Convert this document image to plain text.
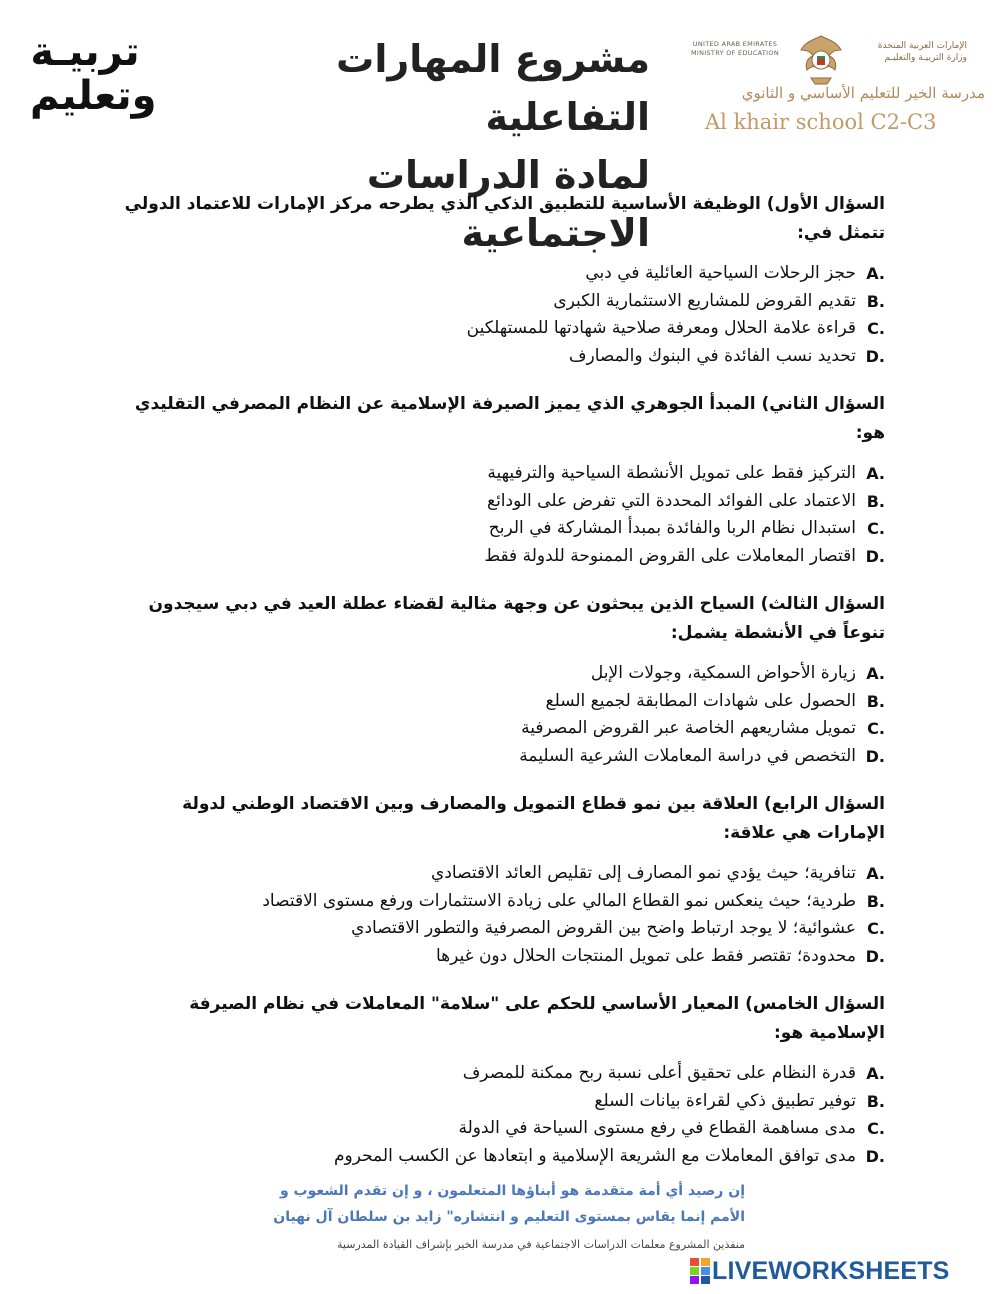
تربيـة
وتعليم
مشروع المهارات التفاعلية
لمادة الدراسات الاجتماعية
UNITED ARAB EMIRATES
MINISTRY OF EDUCATION
الإمارات العربية المتحدة
وزارة التربيـة والتعليـم
مدرسة الخير للتعليم الأساسي و الثانوي
Al khair school C2-C3

السؤال الأول) الوظيفة الأساسية للتطبيق الذكي الذي يطرحه مركز الإمارات للاعتماد الدولي تتمثل في:

A.
حجز الرحلات السياحية العائلية في دبي
B.
تقديم القروض للمشاريع الاستثمارية الكبرى
C.
قراءة علامة الحلال ومعرفة صلاحية شهادتها للمستهلكين
D.
تحديد نسب الفائدة في البنوك والمصارف

السؤال الثاني) المبدأ الجوهري الذي يميز الصيرفة الإسلامية عن النظام المصرفي التقليدي هو:

A.
التركيز فقط على تمويل الأنشطة السياحية والترفيهية
B.
الاعتماد على الفوائد المحددة التي تفرض على الودائع
C.
استبدال نظام الربا والفائدة بمبدأ المشاركة في الربح
D.
اقتصار المعاملات على القروض الممنوحة للدولة فقط

السؤال الثالث) السياح الذين يبحثون عن وجهة مثالية لقضاء عطلة العيد في دبي سيجدون تنوعاً في الأنشطة يشمل:

A.
زيارة الأحواض السمكية، وجولات الإبل
B.
الحصول على شهادات المطابقة لجميع السلع
C.
تمويل مشاريعهم الخاصة عبر القروض المصرفية
D.
التخصص في دراسة المعاملات الشرعية السليمة

السؤال الرابع) العلاقة بين نمو قطاع التمويل والمصارف وبين الاقتصاد الوطني لدولة الإمارات هي علاقة:

A.
تنافرية؛ حيث يؤدي نمو المصارف إلى تقليص العائد الاقتصادي
B.
طردية؛ حيث ينعكس نمو القطاع المالي على زيادة الاستثمارات ورفع مستوى الاقتصاد
C.
عشوائية؛ لا يوجد ارتباط واضح بين القروض المصرفية والتطور الاقتصادي
D.
محدودة؛ تقتصر فقط على تمويل المنتجات الحلال دون غيرها

السؤال الخامس) المعيار الأساسي للحكم على "سلامة" المعاملات في نظام الصيرفة الإسلامية هو:

A.
قدرة النظام على تحقيق أعلى نسبة ربح ممكنة للمصرف
B.
توفير تطبيق ذكي لقراءة بيانات السلع
C.
مدى مساهمة القطاع في رفع مستوى السياحة في الدولة
D.
مدى توافق المعاملات مع الشريعة الإسلامية و ابتعادها عن الكسب المحروم
إن رصيد أي أمة متقدمة هو أبناؤها المتعلمون ، و إن تقدم الشعوب و
الأمم إنما يقاس بمستوى التعليم و انتشاره" زايد بن سلطان آل نهيان
منفذين المشروع معلمات الدراسات الاجتماعية في مدرسة الخير بإشراف القيادة المدرسية
LIVEWORKSHEETS
